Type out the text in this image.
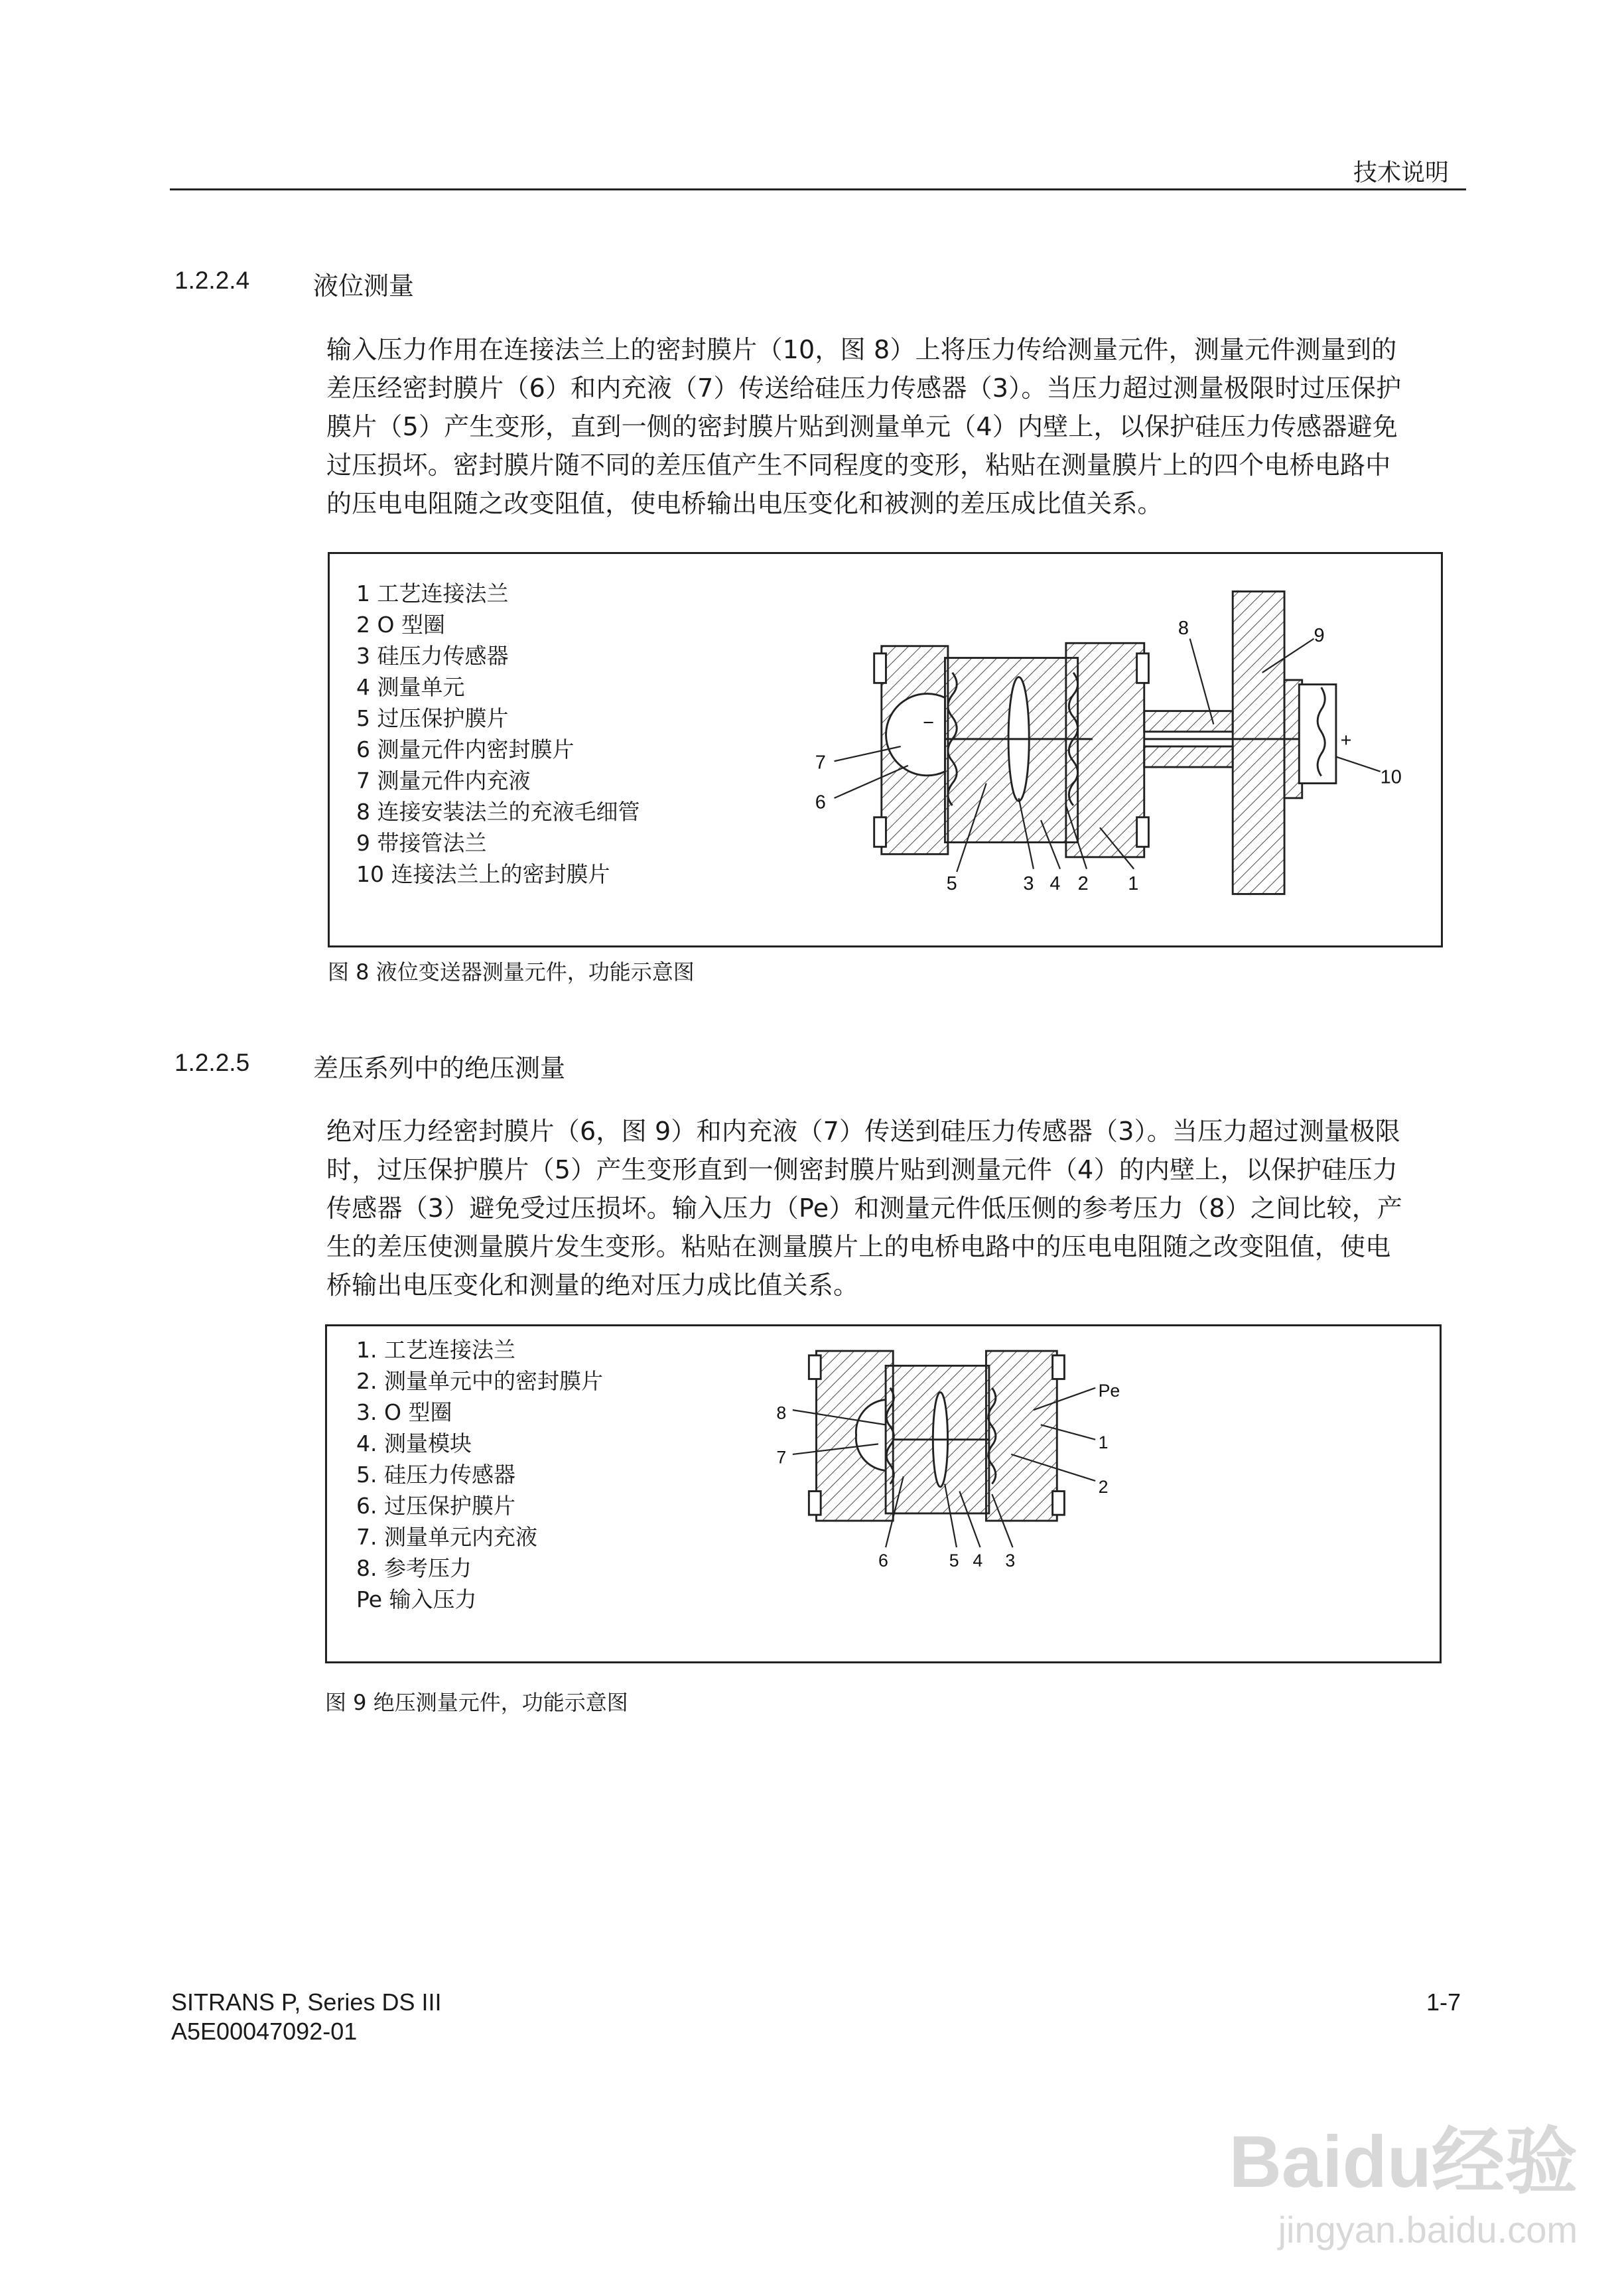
技术说明
1.2.2.4	液位测量
输入压力作用在连接法兰上的密封膜片（10，图 8）上将压力传给测量元件，测量元件测量到的
差压经密封膜片（6）和内充液（7）传送给硅压力传感器（3）。当压力超过测量极限时过压保护
膜片（5）产生变形，直到一侧的密封膜片贴到测量单元（4）内壁上，以保护硅压力传感器避免
过压损坏。密封膜片随不同的差压值产生不同程度的变形，粘贴在测量膜片上的四个电桥电路中
的压电电阻随之改变阻值，使电桥输出电压变化和被测的差压成比值关系。
1 工艺连接法兰
2 O 型圈
3 硅压力传感器
4 测量单元
5 过压保护膜片
6 测量元件内密封膜片
7 测量元件内充液
8 连接安装法兰的充液毛细管
9 带接管法兰
10 连接法兰上的密封膜片
8	9
7
6
10
5	3 4 2	1
−
+
图 8 液位变送器测量元件，功能示意图
1.2.2.5	差压系列中的绝压测量
绝对压力经密封膜片（6，图 9）和内充液（7）传送到硅压力传感器（3）。当压力超过测量极限
时，过压保护膜片（5）产生变形直到一侧密封膜片贴到测量元件（4）的内壁上，以保护硅压力
传感器（3）避免受过压损坏。输入压力（Pe）和测量元件低压侧的参考压力（8）之间比较，产
生的差压使测量膜片发生变形。粘贴在测量膜片上的电桥电路中的压电电阻随之改变阻值，使电
桥输出电压变化和测量的绝对压力成比值关系。
1. 工艺连接法兰
2. 测量单元中的密封膜片
3. O 型圈
4. 测量模块
5. 硅压力传感器
6. 过压保护膜片
7. 测量单元内充液
8. 参考压力
Pe 输入压力
Pe
1
2
8
7
6	5 4	3
图 9 绝压测量元件，功能示意图
SITRANS P, Series DS III
A5E00047092-01
1-7
Baidu经验
jingyan.baidu.com
